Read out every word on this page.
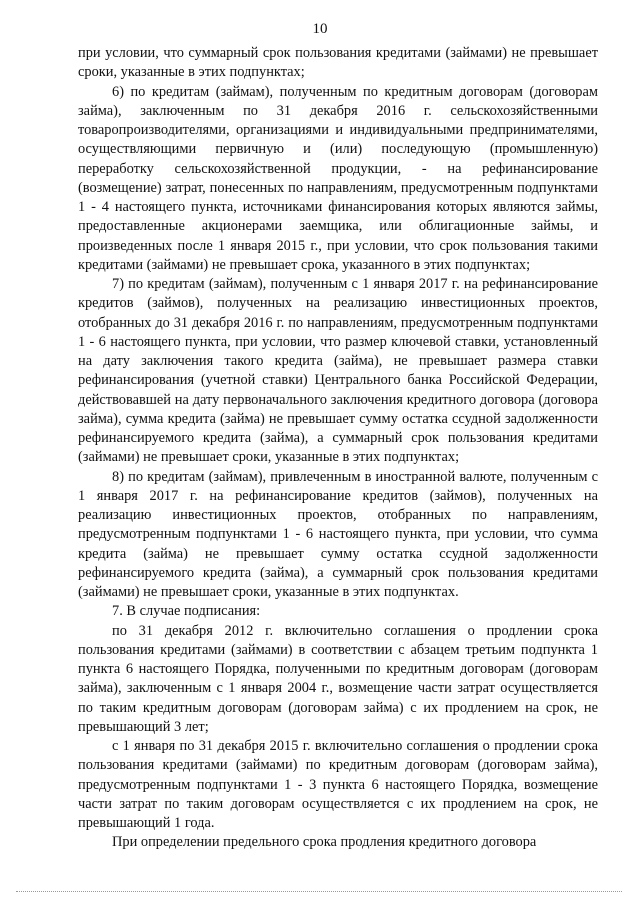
10

при условии, что суммарный срок пользования кредитами (займами) не превышает сроки, указанные в этих подпунктах;

6) по кредитам (займам), полученным по кредитным договорам (договорам займа), заключенным по 31 декабря 2016 г. сельскохозяйственными товаропроизводителями, организациями и индивидуальными предпринимателями, осуществляющими первичную и (или) последующую (промышленную) переработку сельскохозяйственной продукции, - на рефинансирование (возмещение) затрат, понесенных по направлениям, предусмотренным подпунктами 1 - 4 настоящего пункта, источниками финансирования которых являются займы, предоставленные акционерами заемщика, или облигационные займы, и произведенных после 1 января 2015 г., при условии, что срок пользования такими кредитами (займами) не превышает срока, указанного в этих подпунктах;

7) по кредитам (займам), полученным с 1 января 2017 г. на рефинансирование кредитов (займов), полученных на реализацию инвестиционных проектов, отобранных до 31 декабря 2016 г. по направлениям, предусмотренным подпунктами 1 - 6 настоящего пункта, при условии, что размер ключевой ставки, установленный на дату заключения такого кредита (займа), не превышает размера ставки рефинансирования (учетной ставки) Центрального банка Российской Федерации, действовавшей на дату первоначального заключения кредитного договора (договора займа), сумма кредита (займа) не превышает сумму остатка ссудной задолженности рефинансируемого кредита (займа), а суммарный срок пользования кредитами (займами) не превышает сроки, указанные в этих подпунктах;

8) по кредитам (займам), привлеченным в иностранной валюте, полученным с 1 января 2017 г. на рефинансирование кредитов (займов), полученных на реализацию инвестиционных проектов, отобранных по направлениям, предусмотренным подпунктами 1 - 6 настоящего пункта, при условии, что сумма кредита (займа) не превышает сумму остатка ссудной задолженности рефинансируемого кредита (займа), а суммарный срок пользования кредитами (займами) не превышает сроки, указанные в этих подпунктах.

7. В случае подписания:

по 31 декабря 2012 г. включительно соглашения о продлении срока пользования кредитами (займами) в соответствии с абзацем третьим подпункта 1 пункта 6 настоящего Порядка, полученными по кредитным договорам (договорам займа), заключенным с 1 января 2004 г., возмещение части затрат осуществляется по таким кредитным договорам (договорам займа) с их продлением на срок, не превышающий 3 лет;

с 1 января по 31 декабря 2015 г. включительно соглашения о продлении срока пользования кредитами (займами) по кредитным договорам (договорам займа), предусмотренным подпунктами 1 - 3 пункта 6 настоящего Порядка, возмещение части затрат по таким договорам осуществляется с их продлением на срок, не превышающий 1 года.

При определении предельного срока продления кредитного договора
